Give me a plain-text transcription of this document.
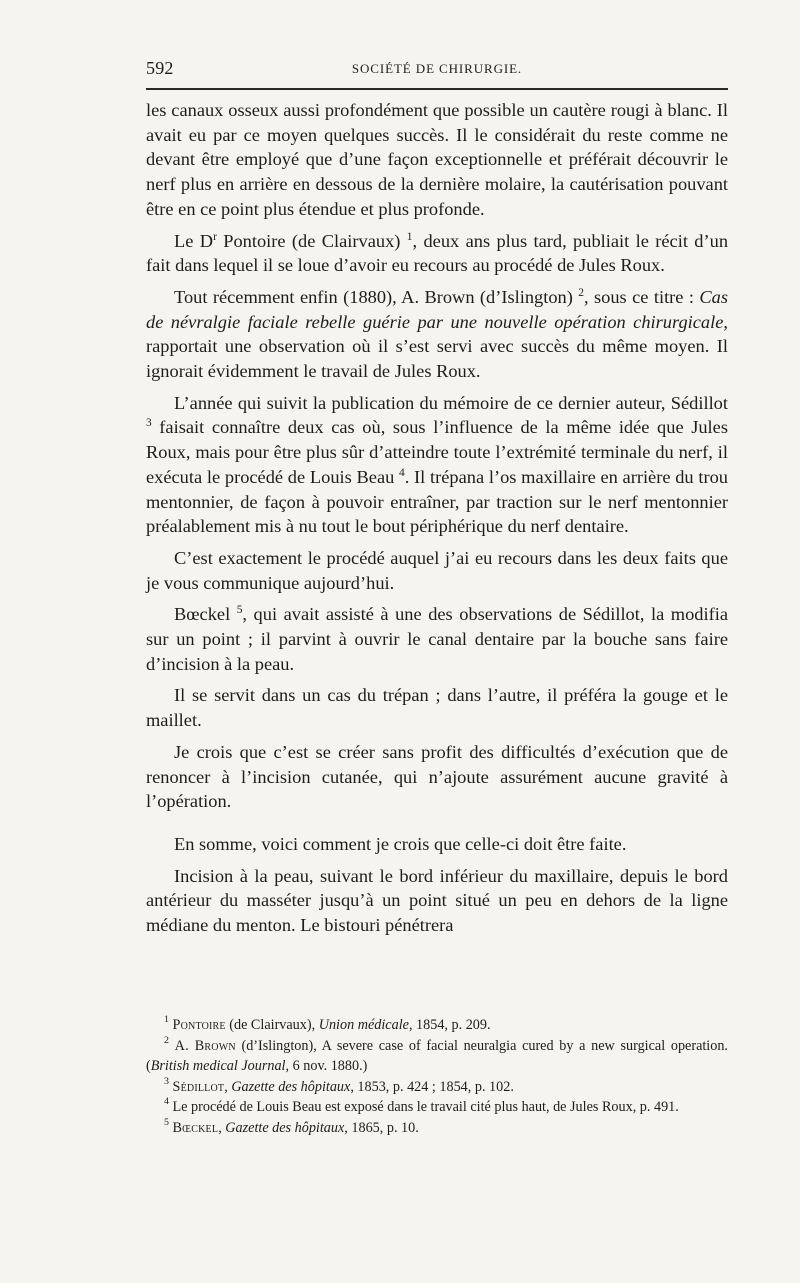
592	SOCIÉTÉ DE CHIRURGIE.

les canaux osseux aussi profondément que possible un cautère rougi à blanc. Il avait eu par ce moyen quelques succès. Il le considérait du reste comme ne devant être employé que d’une façon exceptionnelle et préférait découvrir le nerf plus en arrière en dessous de la dernière molaire, la cautérisation pouvant être en ce point plus étendue et plus profonde.

Le $D^r$ Pontoire (de Clairvaux) $^1$, deux ans plus tard, publiait le récit d’un fait dans lequel il se loue d’avoir eu recours au procédé de Jules Roux.

Tout récemment enfin (1880), A. Brown (d’Islington) $^2$, sous ce titre : Cas de névralgie faciale rebelle guérie par une nouvelle opération chirurgicale, rapportait une observation où il s’est servi avec succès du même moyen. Il ignorait évidemment le travail de Jules Roux.

L’année qui suivit la publication du mémoire de ce dernier auteur, Sédillot $^3$ faisait connaître deux cas où, sous l’influence de la même idée que Jules Roux, mais pour être plus sûr d’atteindre toute l’extrémité terminale du nerf, il exécuta le procédé de Louis Beau $^4$. Il trépana l’os maxillaire en arrière du trou mentonnier, de façon à pouvoir entraîner, par traction sur le nerf mentonnier préalablement mis à nu tout le bout périphérique du nerf dentaire.

C’est exactement le procédé auquel j’ai eu recours dans les deux faits que je vous communique aujourd’hui.

Bœckel $^5$, qui avait assisté à une des observations de Sédillot, la modifia sur un point ; il parvint à ouvrir le canal dentaire par la bouche sans faire d’incision à la peau.

Il se servit dans un cas du trépan ; dans l’autre, il préféra la gouge et le maillet.

Je crois que c’est se créer sans profit des difficultés d’exécution que de renoncer à l’incision cutanée, qui n’ajoute assurément aucune gravité à l’opération.

En somme, voici comment je crois que celle-ci doit être faite.

Incision à la peau, suivant le bord inférieur du maxillaire, depuis le bord antérieur du masséter jusqu’à un point situé un peu en dehors de la ligne médiane du menton. Le bistouri pénétrera

$^1$ Pontoire (de Clairvaux), Union médicale, 1854, p. 209.

$^2$ A. Brown (d’Islington), A severe case of facial neuralgia cured by a new surgical operation. (British medical Journal, 6 nov. 1880.)

$^3$ Sédillot, Gazette des hôpitaux, 1853, p. 424 ; 1854, p. 102.

$^4$ Le procédé de Louis Beau est exposé dans le travail cité plus haut, de Jules Roux, p. 491.

$^5$ Bœckel, Gazette des hôpitaux, 1865, p. 10.
